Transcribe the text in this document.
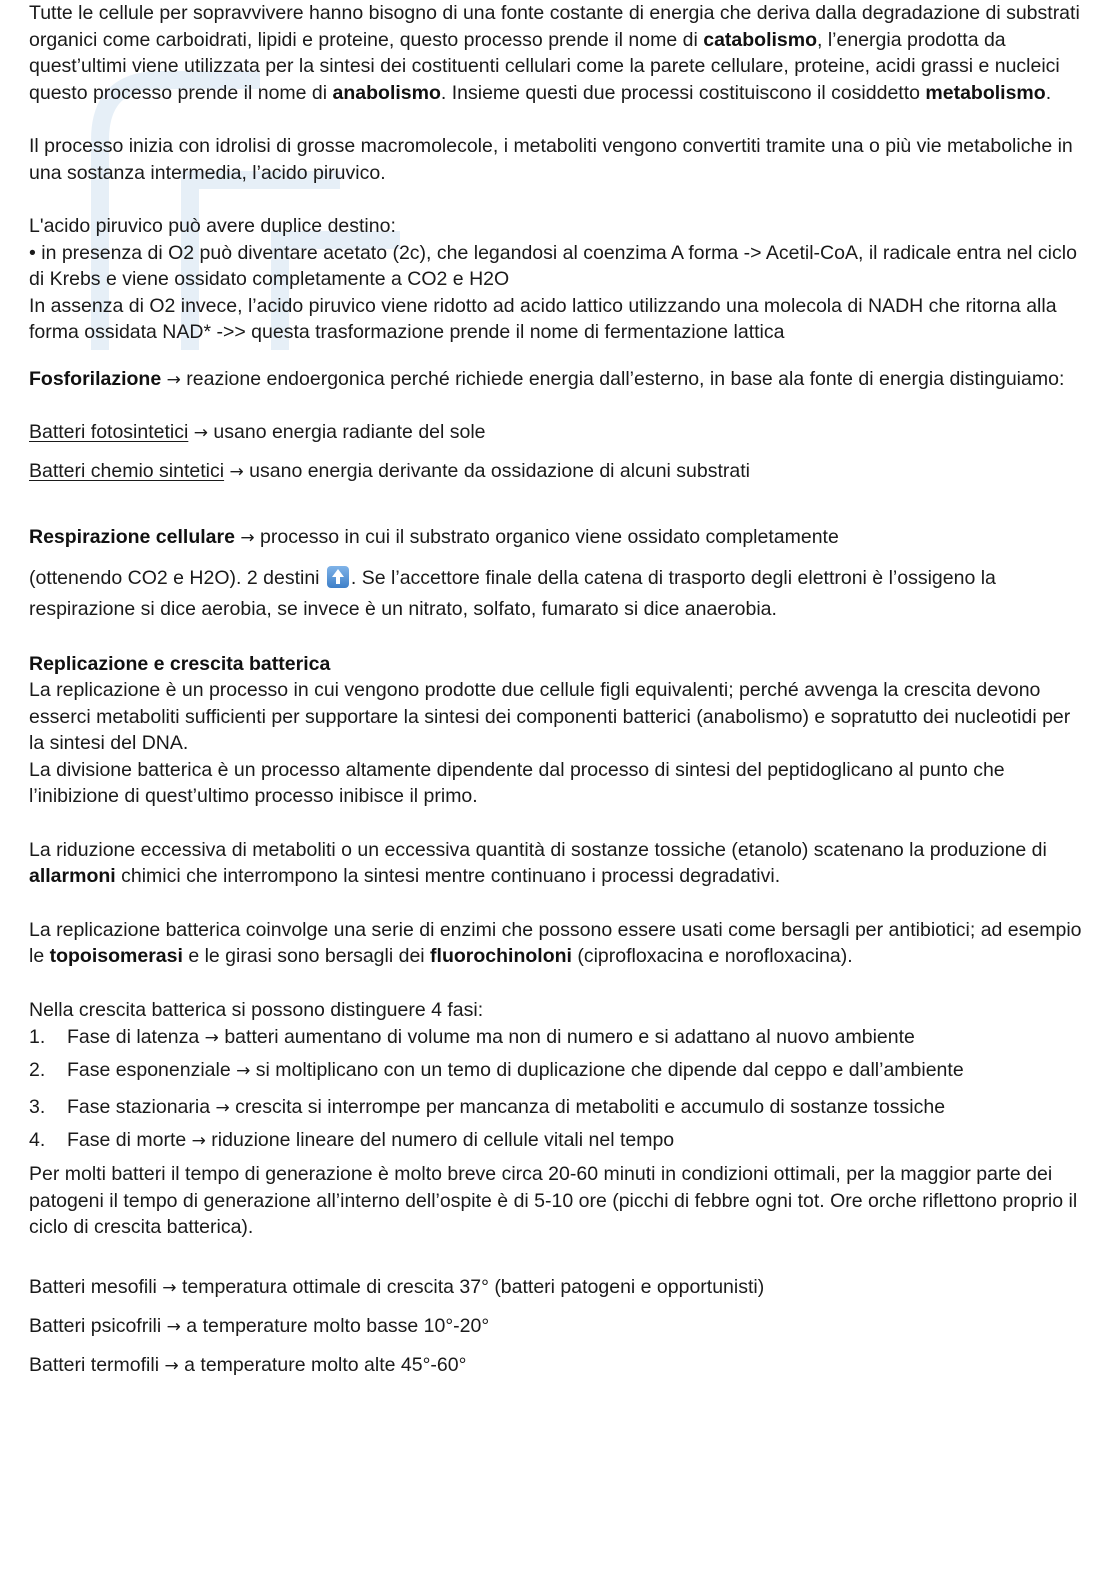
Tutte le cellule per sopravvivere hanno bisogno di una fonte costante di energia che deriva dalla degradazione di substrati organici come carboidrati, lipidi e proteine, questo processo prende il nome di catabolismo, l’energia prodotta da quest’ultimi viene utilizzata per la sintesi dei costituenti cellulari come la parete cellulare, proteine, acidi grassi e nucleici questo processo prende il nome di anabolismo. Insieme questi due processi costituiscono il cosiddetto metabolismo.

Il processo inizia con idrolisi di grosse macromolecole, i metaboliti vengono convertiti tramite una o più vie metaboliche in una sostanza intermedia, l’acido piruvico.

L'acido piruvico può avere duplice destino:

• in presenza di O2 può diventare acetato (2c), che legandosi al coenzima A forma -> Acetil-CoA, il radicale entra nel ciclo di Krebs e viene ossidato completamente a CO2 e H2O

In assenza di O2 invece, l’acido piruvico viene ridotto ad acido lattico utilizzando una molecola di NADH che ritorna alla forma ossidata NAD* ->> questa trasformazione prende il nome di fermentazione lattica

Fosforilazione → reazione endoergonica perché richiede energia dall’esterno, in base ala fonte di energia distinguiamo:

Batteri fotosintetici → usano energia radiante del sole

Batteri chemio sintetici → usano energia derivante da ossidazione di alcuni substrati

Respirazione cellulare → processo in cui il substrato organico viene ossidato completamente

(ottenendo CO2 e H2O). 2 destini . Se l’accettore finale della catena di trasporto degli elettroni è l’ossigeno la respirazione si dice aerobia, se invece è un nitrato, solfato, fumarato si dice anaerobia.

Replicazione e crescita batterica

La replicazione è un processo in cui vengono prodotte due cellule figli equivalenti; perché avvenga la crescita devono esserci metaboliti sufficienti per supportare la sintesi dei componenti batterici (anabolismo) e sopratutto dei nucleotidi per la sintesi del DNA.

La divisione batterica è un processo altamente dipendente dal processo di sintesi del peptidoglicano al punto che l’inibizione di quest’ultimo processo inibisce il primo.

La riduzione eccessiva di metaboliti o un eccessiva quantità di sostanze tossiche (etanolo) scatenano la produzione di allarmoni chimici che interrompono la sintesi mentre continuano i processi degradativi.

La replicazione batterica coinvolge una serie di enzimi che possono essere usati come bersagli per antibiotici; ad esempio le topoisomerasi e le girasi sono bersagli dei fluorochinoloni (ciprofloxacina e norofloxacina).

Nella crescita batterica si possono distinguere 4 fasi:

1. Fase di latenza → batteri aumentano di volume ma non di numero e si adattano al nuovo ambiente
2. Fase esponenziale → si moltiplicano con un temo di duplicazione che dipende dal ceppo e dall’ambiente
3. Fase stazionaria → crescita si interrompe per mancanza di metaboliti e accumulo di sostanze tossiche
4. Fase di morte → riduzione lineare del numero di cellule vitali nel tempo

Per molti batteri il tempo di generazione è molto breve circa 20-60 minuti in condizioni ottimali, per la maggior parte dei patogeni il tempo di generazione all’interno dell’ospite è di 5-10 ore (picchi di febbre ogni tot. Ore orche riflettono proprio il ciclo di crescita batterica).

Batteri mesofili → temperatura ottimale di crescita 37° (batteri patogeni e opportunisti)

Batteri psicofrili → a temperature molto basse 10°-20°

Batteri termofili → a temperature molto alte 45°-60°
